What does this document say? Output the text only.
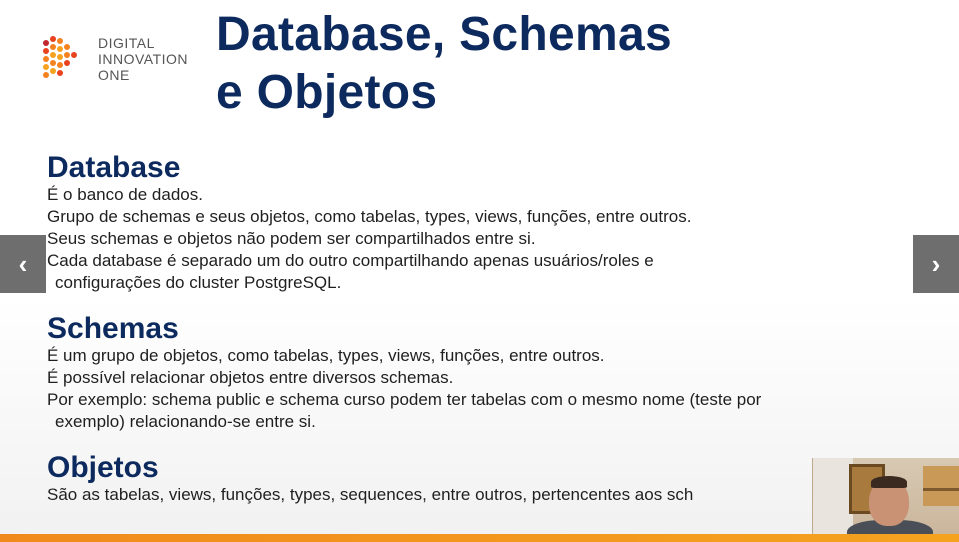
DIGITAL
INNOVATION
ONE
Database, Schemas
e Objetos
Database
É o banco de dados.
Grupo de schemas e seus objetos, como tabelas, types, views, funções, entre outros.
Seus schemas e objetos não podem ser compartilhados entre si.
Cada database é separado um do outro compartilhando apenas usuários/roles e
configurações do cluster PostgreSQL.
Schemas
É um grupo de objetos, como tabelas, types, views, funções, entre outros.
É possível relacionar objetos entre diversos schemas.
Por exemplo: schema public e schema curso podem ter tabelas com o mesmo nome (teste por
exemplo) relacionando-se entre si.
Objetos
São as tabelas, views, funções, types, sequences, entre outros, pertencentes aos sch
‹	›
